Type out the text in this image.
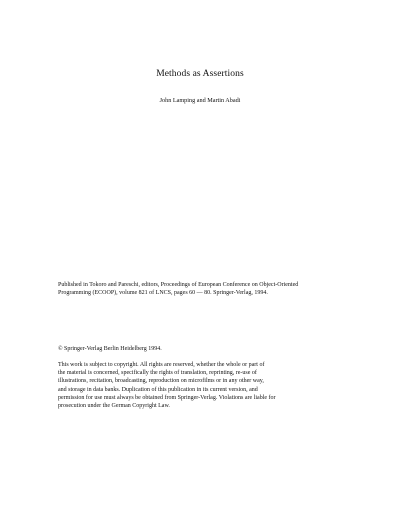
Methods as Assertions
John Lamping and Martin Abadi

Published in Tokoro and Pareschi, editors, Proceedings of European Conference on Object-Oriented

Programming (ECOOP), volume 821 of LNCS, pages 60 — 80. Springer-Verlag, 1994.

© Springer-Verlag Berlin Heidelberg 1994.

This work is subject to copyright. All rights are reserved, whether the whole or part of

the material is concerned, specifically the rights of translation, reprinting, re-use of

illustrations, recitation, broadcasting, reproduction on microfilms or in any other way,

and storage in data banks. Duplication of this publication in its current version, and

permission for use must always be obtained from Springer-Verlag. Violations are liable for

prosecution under the German Copyright Law.
